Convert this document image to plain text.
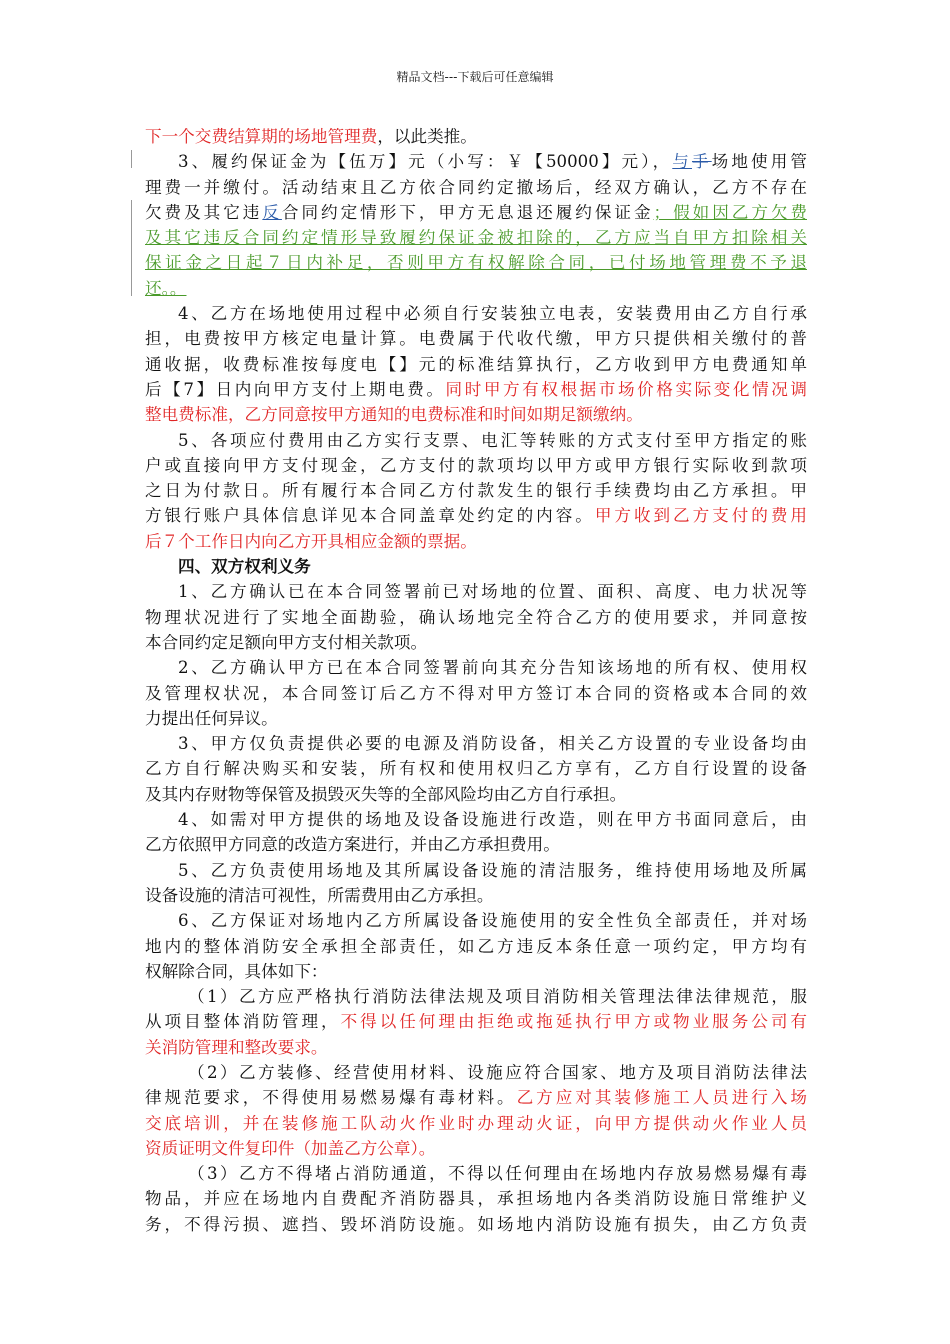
精品文档---下载后可任意编辑
下一个交费结算期的场地管理费，以此类推。
3、履约保证金为【伍万】元（小写：￥【50000】元），与手场地使用管
理费一并缴付。活动结束且乙方依合同约定撤场后，经双方确认，乙方不存在
欠费及其它违反合同约定情形下，甲方无息退还履约保证金；假如因乙方欠费
及其它违反合同约定情形导致履约保证金被扣除的，乙方应当自甲方扣除相关
保证金之日起７日内补足，否则甲方有权解除合同，已付场地管理费不予退
还。。
4、乙方在场地使用过程中必须自行安装独立电表，安装费用由乙方自行承
担，电费按甲方核定电量计算。电费属于代收代缴，甲方只提供相关缴付的普
通收据，收费标准按每度电【】元的标准结算执行，乙方收到甲方电费通知单
后【7】日内向甲方支付上期电费。同时甲方有权根据市场价格实际变化情况调
整电费标准，乙方同意按甲方通知的电费标准和时间如期足额缴纳。
5、各项应付费用由乙方实行支票、电汇等转账的方式支付至甲方指定的账
户或直接向甲方支付现金，乙方支付的款项均以甲方或甲方银行实际收到款项
之日为付款日。所有履行本合同乙方付款发生的银行手续费均由乙方承担。甲
方银行账户具体信息详见本合同盖章处约定的内容。甲方收到乙方支付的费用
后７个工作日内向乙方开具相应金额的票据。
四、双方权利义务
1、乙方确认已在本合同签署前已对场地的位置、面积、高度、电力状况等
物理状况进行了实地全面勘验，确认场地完全符合乙方的使用要求，并同意按
本合同约定足额向甲方支付相关款项。
2、乙方确认甲方已在本合同签署前向其充分告知该场地的所有权、使用权
及管理权状况，本合同签订后乙方不得对甲方签订本合同的资格或本合同的效
力提出任何异议。
3、甲方仅负责提供必要的电源及消防设备，相关乙方设置的专业设备均由
乙方自行解决购买和安装，所有权和使用权归乙方享有，乙方自行设置的设备
及其内存财物等保管及损毁灭失等的全部风险均由乙方自行承担。
4、如需对甲方提供的场地及设备设施进行改造，则在甲方书面同意后，由
乙方依照甲方同意的改造方案进行，并由乙方承担费用。
5、乙方负责使用场地及其所属设备设施的清洁服务，维持使用场地及所属
设备设施的清洁可视性，所需费用由乙方承担。
6、乙方保证对场地内乙方所属设备设施使用的安全性负全部责任，并对场
地内的整体消防安全承担全部责任，如乙方违反本条任意一项约定，甲方均有
权解除合同，具体如下：
（1）乙方应严格执行消防法律法规及项目消防相关管理法律法律规范，服
从项目整体消防管理，不得以任何理由拒绝或拖延执行甲方或物业服务公司有
关消防管理和整改要求。
（2）乙方装修、经营使用材料、设施应符合国家、地方及项目消防法律法
律规范要求，不得使用易燃易爆有毒材料。乙方应对其装修施工人员进行入场
交底培训，并在装修施工队动火作业时办理动火证，向甲方提供动火作业人员
资质证明文件复印件（加盖乙方公章）。
（3）乙方不得堵占消防通道，不得以任何理由在场地内存放易燃易爆有毒
物品，并应在场地内自费配齐消防器具，承担场地内各类消防设施日常维护义
务，不得污损、遮挡、毁坏消防设施。如场地内消防设施有损失，由乙方负责
